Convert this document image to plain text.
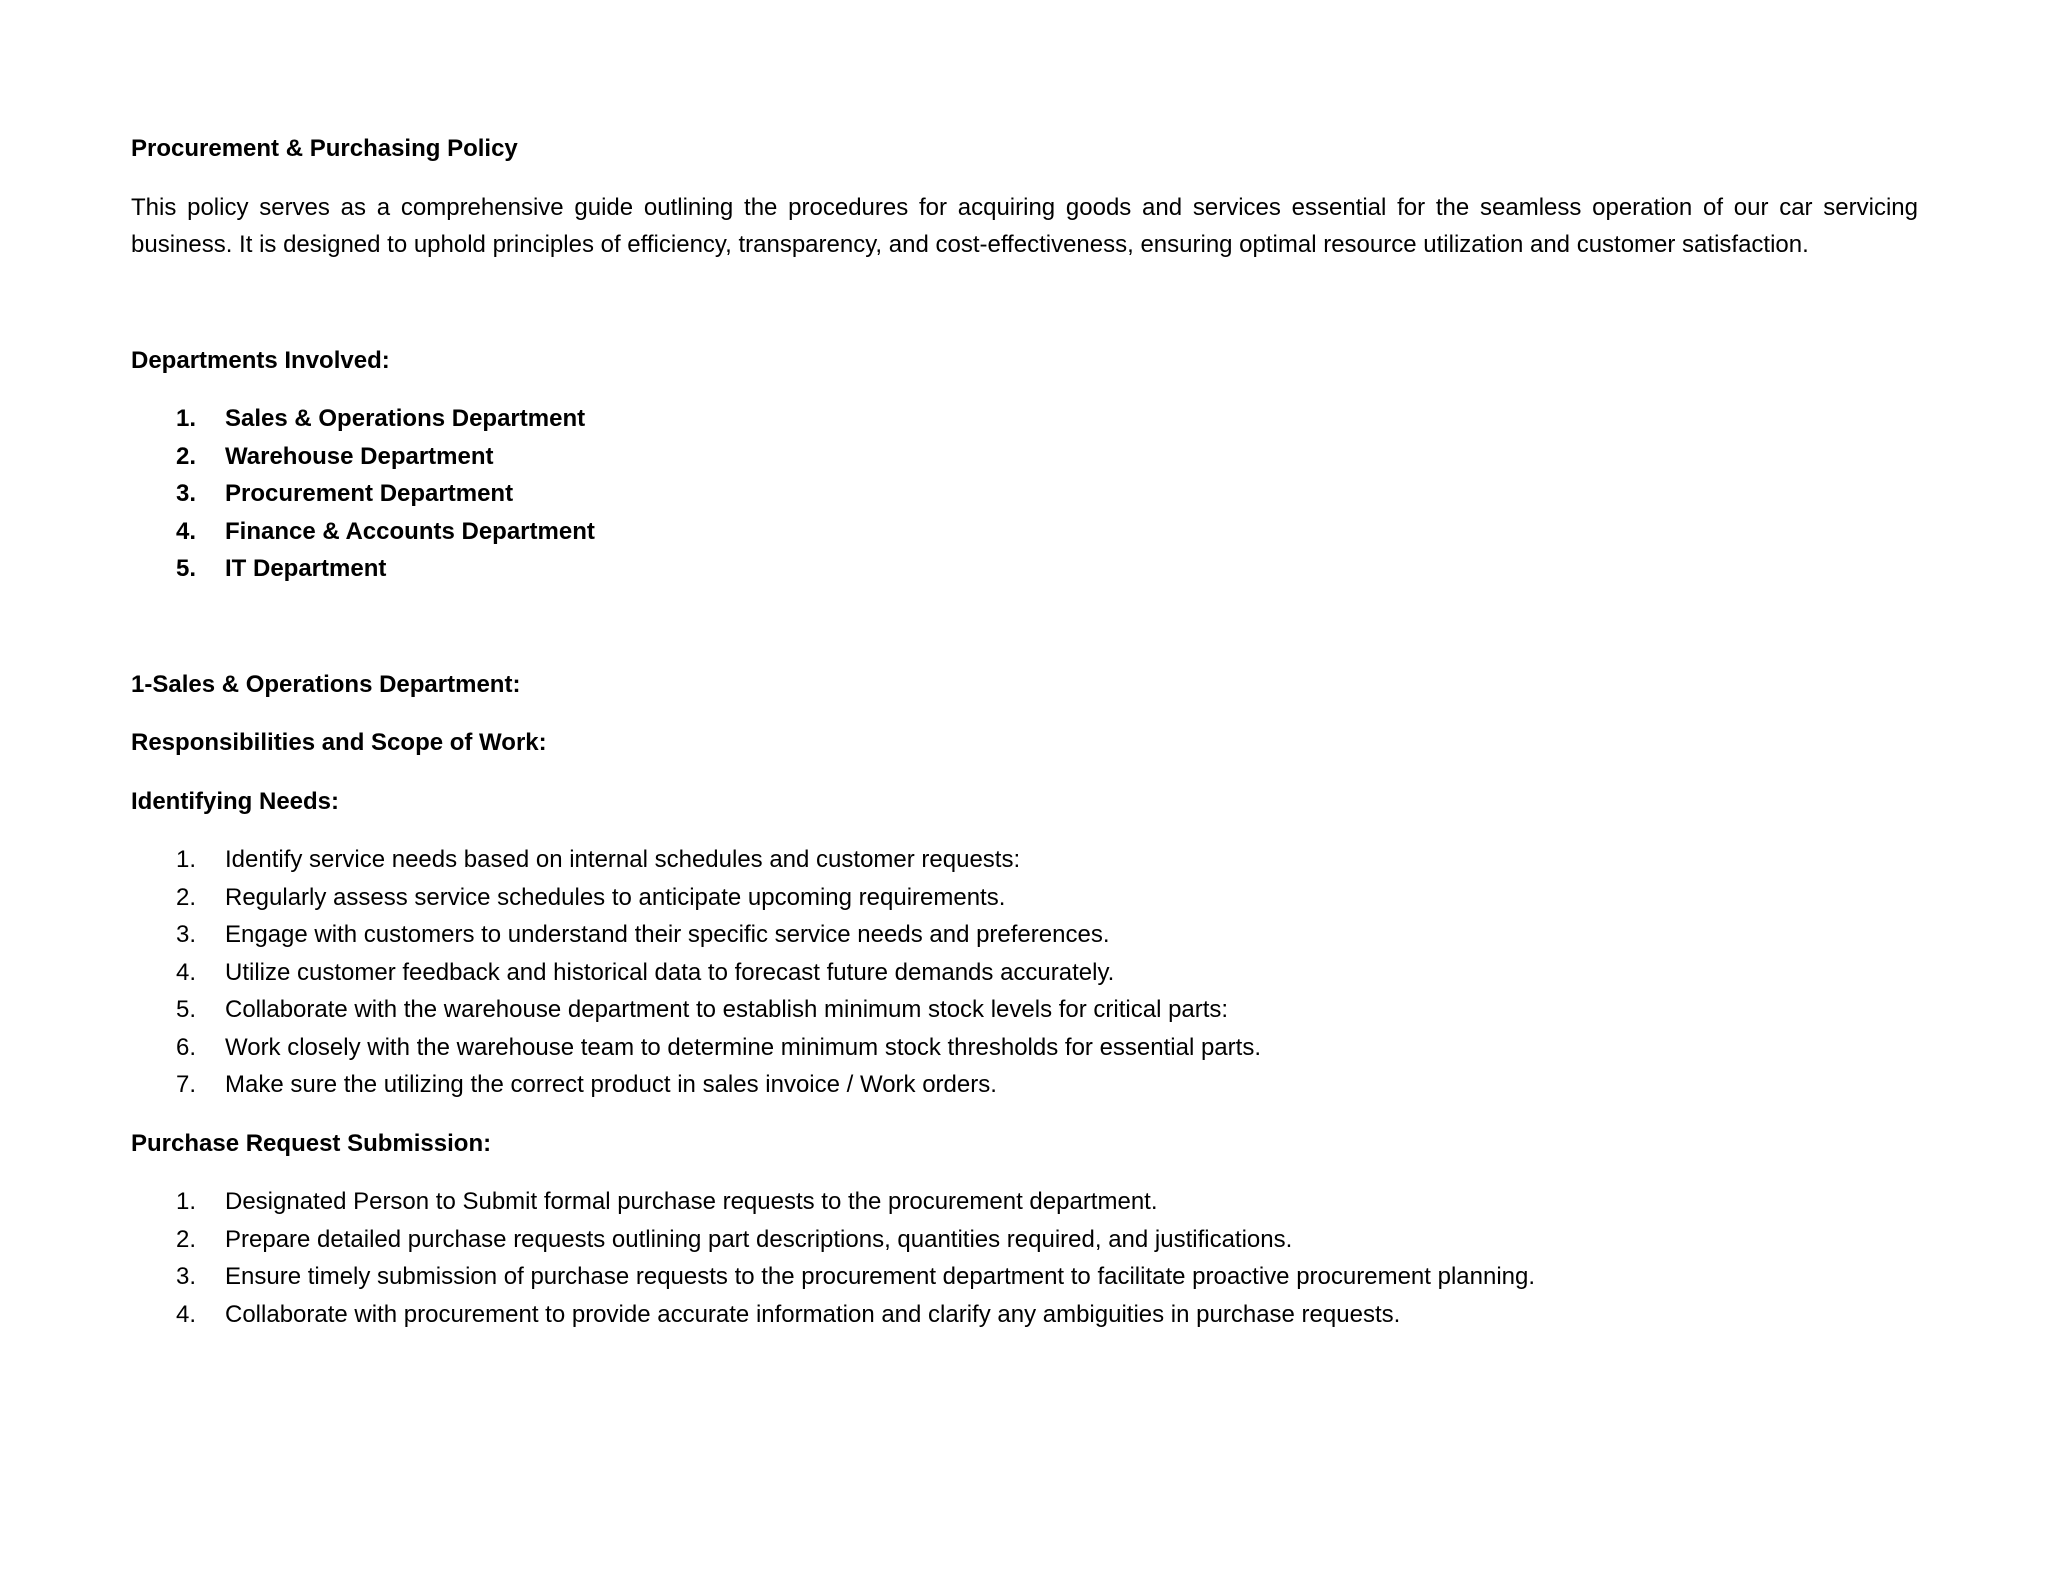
Procurement & Purchasing Policy

This policy serves as a comprehensive guide outlining the procedures for acquiring goods and services essential for the seamless operation of our car servicing business. It is designed to uphold principles of efficiency, transparency, and cost-effectiveness, ensuring optimal resource utilization and customer satisfaction.

Departments Involved:

1.	Sales & Operations Department
2.	Warehouse Department
3.	Procurement Department
4.	Finance & Accounts Department
5.	IT Department

1-Sales & Operations Department:

Responsibilities and Scope of Work:

Identifying Needs:

1.	Identify service needs based on internal schedules and customer requests:
2.	Regularly assess service schedules to anticipate upcoming requirements.
3.	Engage with customers to understand their specific service needs and preferences.
4.	Utilize customer feedback and historical data to forecast future demands accurately.
5.	Collaborate with the warehouse department to establish minimum stock levels for critical parts:
6.	Work closely with the warehouse team to determine minimum stock thresholds for essential parts.
7.	Make sure the utilizing the correct product in sales invoice / Work orders.

Purchase Request Submission:

1.	Designated Person to Submit formal purchase requests to the procurement department.
2.	Prepare detailed purchase requests outlining part descriptions, quantities required, and justifications.
3.	Ensure timely submission of purchase requests to the procurement department to facilitate proactive procurement planning.
4.	Collaborate with procurement to provide accurate information and clarify any ambiguities in purchase requests.
